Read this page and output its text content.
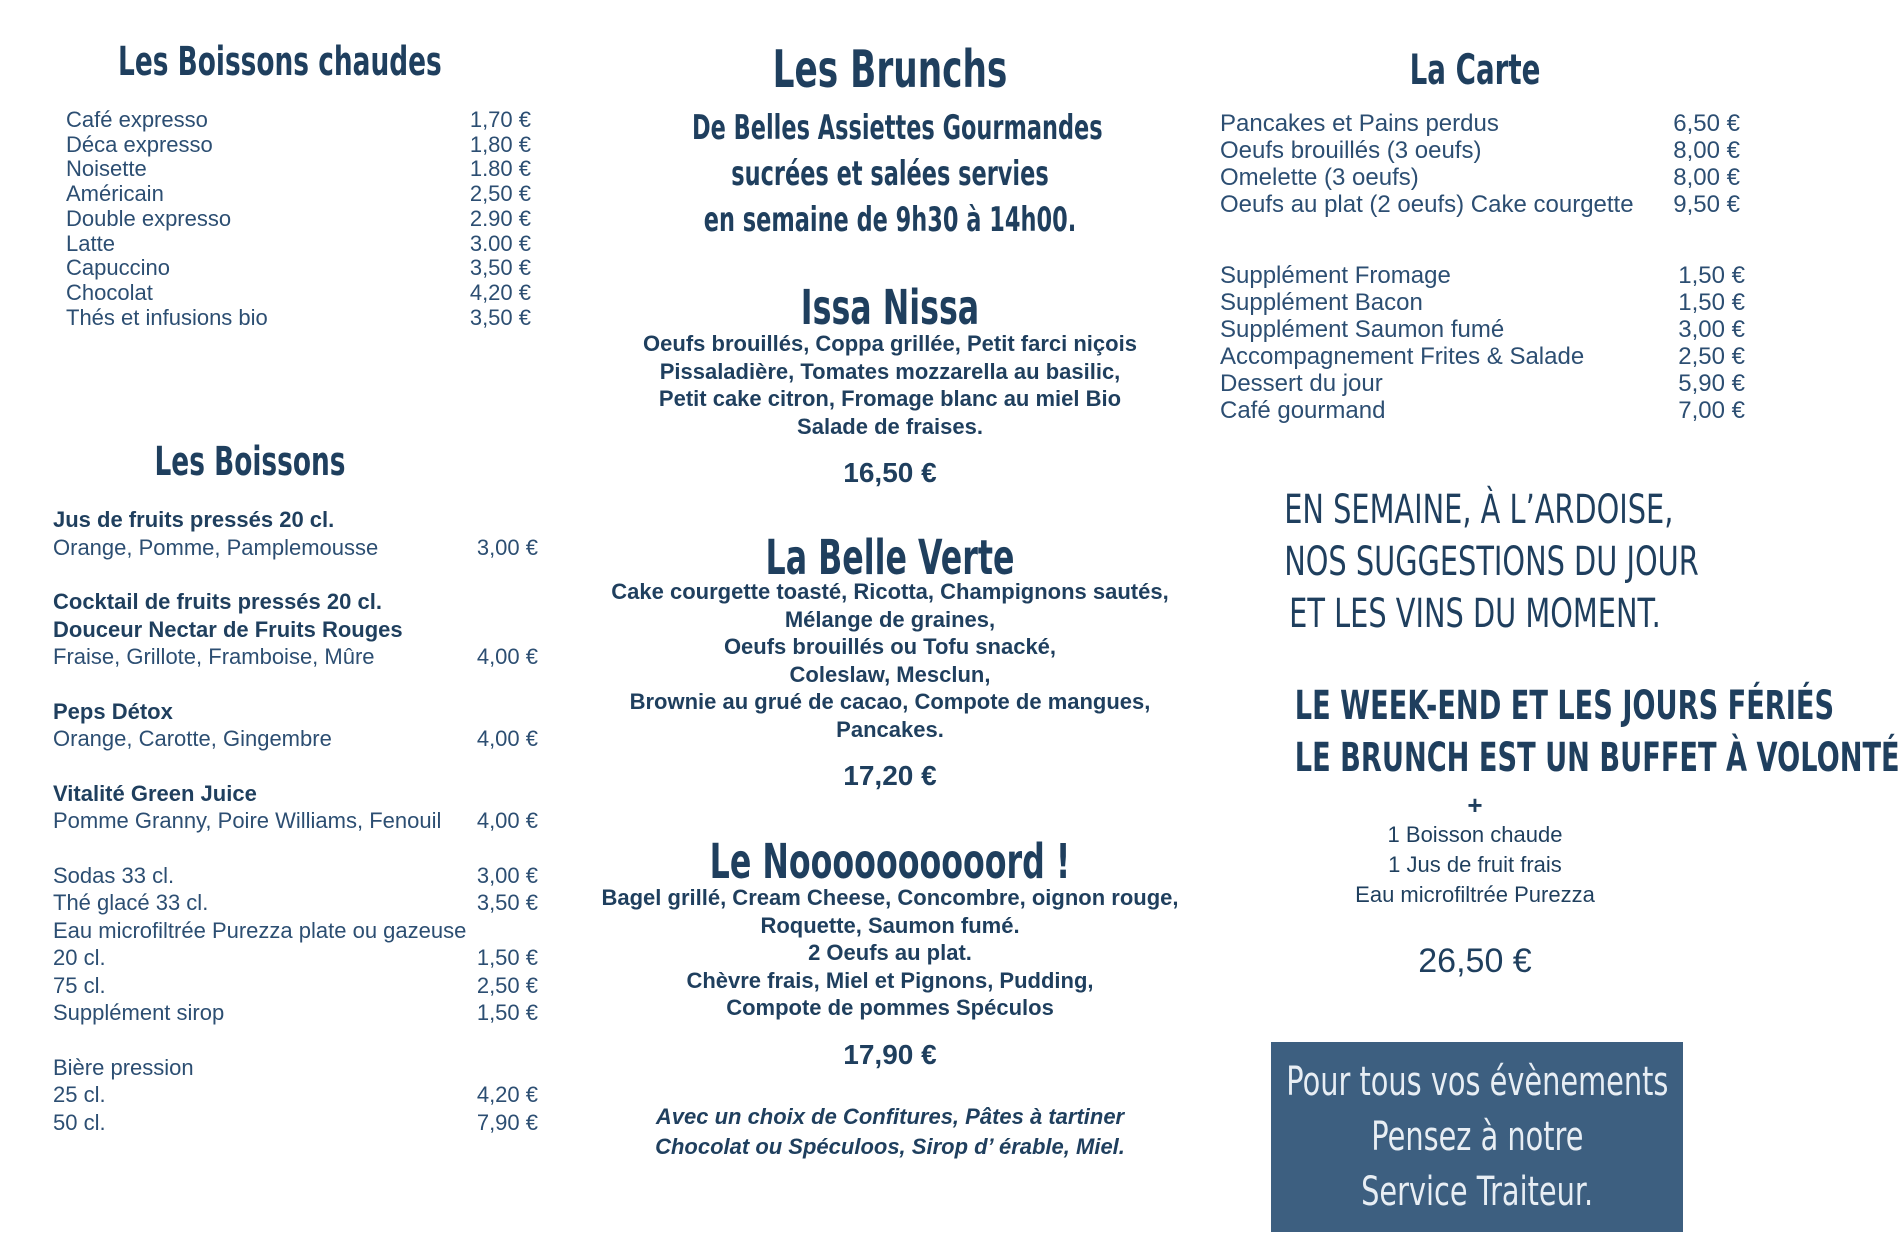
Les Boissons chaudes
Café expresso	1,70 €
Déca expresso	1,80 €
Noisette	1.80 €
Américain	2,50 €
Double expresso	2.90 €
Latte	3.00 €
Capuccino	3,50 €
Chocolat	4,20 €
Thés et infusions bio	3,50 €
Les Boissons
Jus de fruits pressés 20 cl.
Orange, Pomme, Pamplemousse	3,00 €
Cocktail de fruits pressés 20 cl.
Douceur Nectar de Fruits Rouges
Fraise, Grillote, Framboise, Mûre	4,00 €
Peps Détox
Orange, Carotte, Gingembre	4,00 €
Vitalité Green Juice
Pomme Granny, Poire Williams, Fenouil 4,00 €
Sodas 33 cl.	3,00 €
Thé glacé 33 cl.	3,50 €
Eau microfiltrée Purezza plate ou gazeuse
20 cl.	1,50 €
75 cl.	2,50 €
Supplément sirop	1,50 €
Bière pression
25 cl.	4,20 €
50 cl.	7,90 €
Les Brunchs
De Belles Assiettes Gourmandes
sucrées et salées servies
en semaine de 9h30 à 14h00.
Issa Nissa
Oeufs brouillés, Coppa grillée, Petit farci niçois
Pissaladière, Tomates mozzarella au basilic,
Petit cake citron, Fromage blanc au miel Bio
Salade de fraises.
16,50 €
La Belle Verte
Cake courgette toasté, Ricotta, Champignons sautés,
Mélange de graines,
Oeufs brouillés ou Tofu snacké,
Coleslaw, Mesclun,
Brownie au grué de cacao, Compote de mangues,
Pancakes.
17,20 €
Le Noooooooooord !
Bagel grillé, Cream Cheese, Concombre, oignon rouge,
Roquette, Saumon fumé.
2 Oeufs au plat.
Chèvre frais, Miel et Pignons, Pudding,
Compote de pommes Spéculos
17,90 €
Avec un choix de Confitures, Pâtes à tartiner
Chocolat ou Spéculoos, Sirop d’ érable, Miel.
La Carte
Pancakes et Pains perdus	6,50 €
Oeufs brouillés (3 oeufs)	8,00 €
Omelette (3 oeufs)	8,00 €
Oeufs au plat (2 oeufs) Cake courgette 9,50 €
Supplément Fromage	1,50 €
Supplément Bacon	1,50 €
Supplément Saumon fumé	3,00 €
Accompagnement Frites & Salade	2,50 €
Dessert du jour	5,90 €
Café gourmand	7,00 €
EN SEMAINE, À L’ARDOISE,
NOS SUGGESTIONS DU JOUR
ET LES VINS DU MOMENT.
LE WEEK-END ET LES JOURS FÉRIÉS
LE BRUNCH EST UN BUFFET À VOLONTÉ
+
1 Boisson chaude
1 Jus de fruit frais
Eau microfiltrée Purezza
26,50 €
Pour tous vos évènements
Pensez à notre
Service Traiteur.
